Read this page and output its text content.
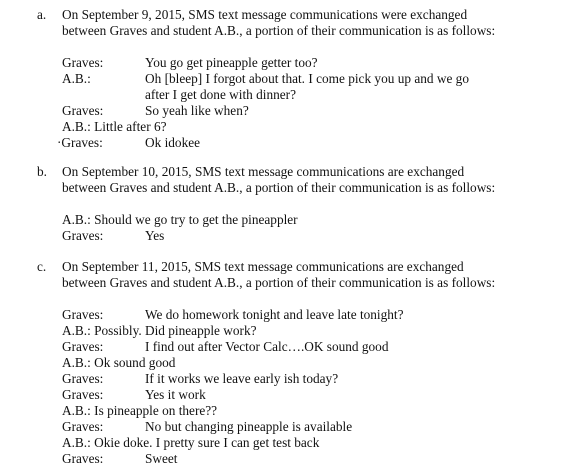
a. On September 9, 2015, SMS text message communications were exchanged
between Graves and student A.B., a portion of their communication is as follows:
Graves:	You go get pineapple getter too?
A.B.:	Oh [bleep] I forgot about that. I come pick you up and we go
after I get done with dinner?
Graves:	So yeah like when?
A.B.: Little after 6?
·Graves:	Ok idokee
b. On September 10, 2015, SMS text message communications are exchanged
between Graves and student A.B., a portion of their communication is as follows:
A.B.: Should we go try to get the pineappler
Graves:	Yes
c. On September 11, 2015, SMS text message communications are exchanged
between Graves and student A.B., a portion of their communication is as follows:
Graves:	We do homework tonight and leave late tonight?
A.B.: Possibly. Did pineapple work?
Graves:	I find out after Vector Calc….OK sound good
A.B.: Ok sound good
Graves:	If it works we leave early ish today?
Graves:	Yes it work
A.B.: Is pineapple on there??
Graves:	No but changing pineapple is available
A.B.: Okie doke. I pretty sure I can get test back
Graves:	Sweet
